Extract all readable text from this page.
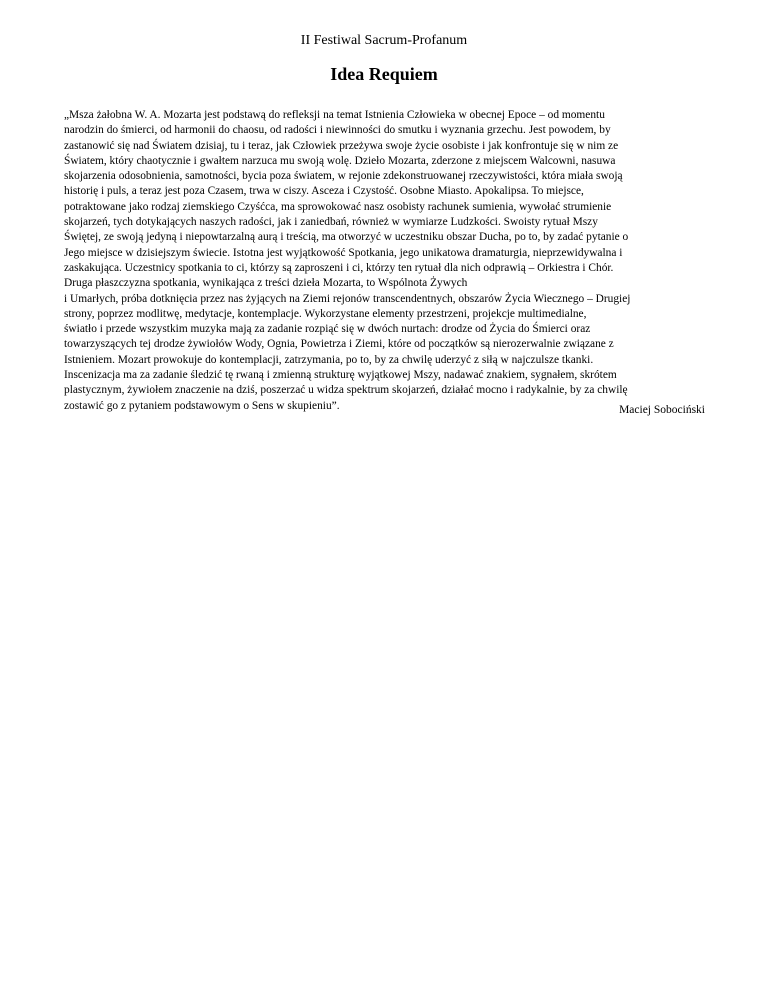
II Festiwal Sacrum-Profanum
Idea Requiem

„Msza żałobna W. A. Mozarta jest podstawą do refleksji na temat Istnienia Człowieka w obecnej Epoce – od momentu
narodzin do śmierci, od harmonii do chaosu, od radości i niewinności do smutku i wyznania grzechu. Jest powodem, by
zastanowić się nad Światem dzisiaj, tu i teraz, jak Człowiek przeżywa swoje życie osobiste i jak konfrontuje się w nim ze
Światem, który chaotycznie i gwałtem narzuca mu swoją wolę. Dzieło Mozarta, zderzone z miejscem Walcowni, nasuwa
skojarzenia odosobnienia, samotności, bycia poza światem, w rejonie zdekonstruowanej rzeczywistości, która miała swoją
historię i puls, a teraz jest poza Czasem, trwa w ciszy. Asceza i Czystość. Osobne Miasto. Apokalipsa. To miejsce,
potraktowane jako rodzaj ziemskiego Czyśćca, ma sprowokować nasz osobisty rachunek sumienia, wywołać strumienie
skojarzeń, tych dotykających naszych radości, jak i zaniedbań, również w wymiarze Ludzkości. Swoisty rytuał Mszy
Świętej, ze swoją jedyną i niepowtarzalną aurą i treścią, ma otworzyć w uczestniku obszar Ducha, po to, by zadać pytanie o
Jego miejsce w dzisiejszym świecie. Istotna jest wyjątkowość Spotkania, jego unikatowa dramaturgia, nieprzewidywalna i
zaskakująca. Uczestnicy spotkania to ci, którzy są zaproszeni i ci, którzy ten rytuał dla nich odprawią – Orkiestra i Chór.
Druga płaszczyzna spotkania, wynikająca z treści dzieła Mozarta, to Wspólnota Żywych
i Umarłych, próba dotknięcia przez nas żyjących na Ziemi rejonów transcendentnych, obszarów Życia Wiecznego – Drugiej
strony, poprzez modlitwę, medytacje, kontemplacje. Wykorzystane elementy przestrzeni, projekcje multimedialne,
światło i przede wszystkim muzyka mają za zadanie rozpiąć się w dwóch nurtach: drodze od Życia do Śmierci oraz
towarzyszących tej drodze żywiołów Wody, Ognia, Powietrza i Ziemi, które od początków są nierozerwalnie związane z
Istnieniem. Mozart prowokuje do kontemplacji, zatrzymania, po to, by za chwilę uderzyć z siłą w najczulsze tkanki.
Inscenizacja ma za zadanie śledzić tę rwaną i zmienną strukturę wyjątkowej Mszy, nadawać znakiem, sygnałem, skrótem
plastycznym, żywiołem znaczenie na dziś, poszerzać u widza spektrum skojarzeń, działać mocno i radykalnie, by za chwilę
zostawić go z pytaniem podstawowym o Sens w skupieniu”.	Maciej Sobociński
